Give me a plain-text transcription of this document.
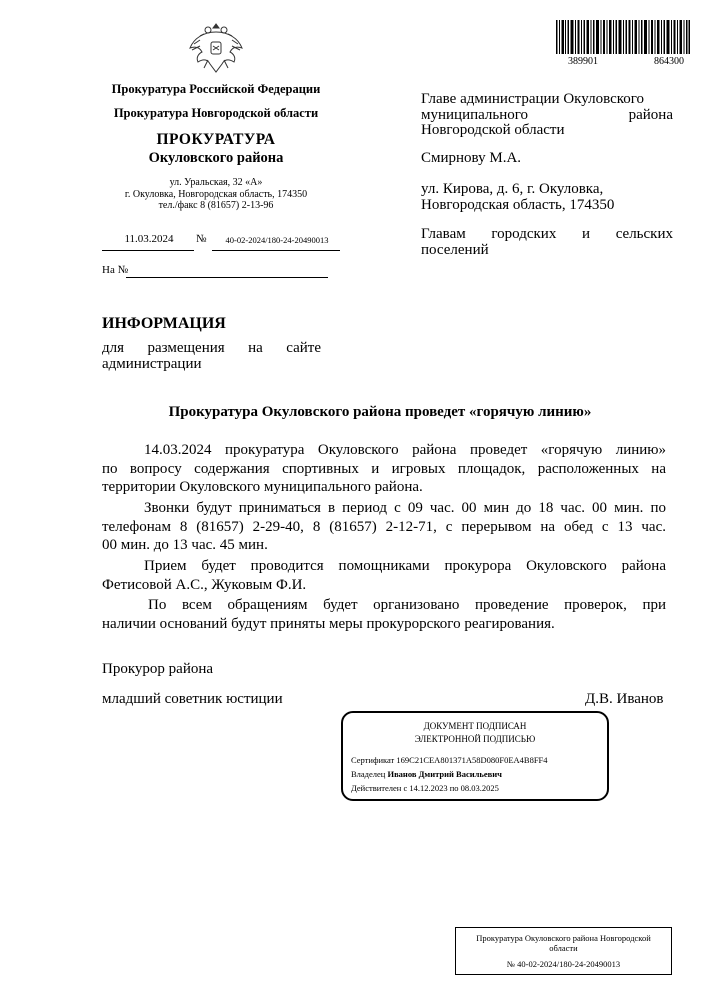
389901	864300
Прокуратура Российской Федерации
Прокуратура Новгородской области
ПРОКУРАТУРА
Окуловского района
ул. Уральская, 32 «А»
г. Окуловка, Новгородская область, 174350
тел./факс 8 (81657) 2-13-96
11.03.2024	№	40-02-2024/180-24-20490013
На №
Главе администрации Окуловского
муниципального	района
Новгородской области
Смирнову М.А.
ул. Кирова, д. 6, г. Окуловка,
Новгородская область, 174350
Главам городских и сельских
поселений
ИНФОРМАЦИЯ
для размещения на сайте
администрации
Прокуратура Окуловского района проведет «горячую линию»
14.03.2024 прокуратура Окуловского района проведет «горячую линию»
по вопросу содержания спортивных и игровых площадок, расположенных на
территории Окуловского муниципального района.
Звонки будут приниматься в период с 09 час. 00 мин до 18 час. 00 мин. по
телефонам 8 (81657) 2-29-40, 8 (81657) 2-12-71, с перерывом на обед с 13 час.
00 мин. до 13 час. 45 мин.
Прием будет проводится помощниками прокурора Окуловского района
Фетисовой А.С., Жуковым Ф.И.
По всем обращениям будет организовано проведение проверок, при
наличии оснований будут приняты меры прокурорского реагирования.
Прокурор района
младший советник юстиции	Д.В. Иванов
ДОКУМЕНТ ПОДПИСАН
ЭЛЕКТРОННОЙ ПОДПИСЬЮ
Сертификат 169C21CEA801371A58D080F0EA4B8FF4
Владелец Иванов Дмитрий Васильевич
Действителен с 14.12.2023 по 08.03.2025
Прокуратура Окуловского района Новгородской
области
№ 40-02-2024/180-24-20490013
